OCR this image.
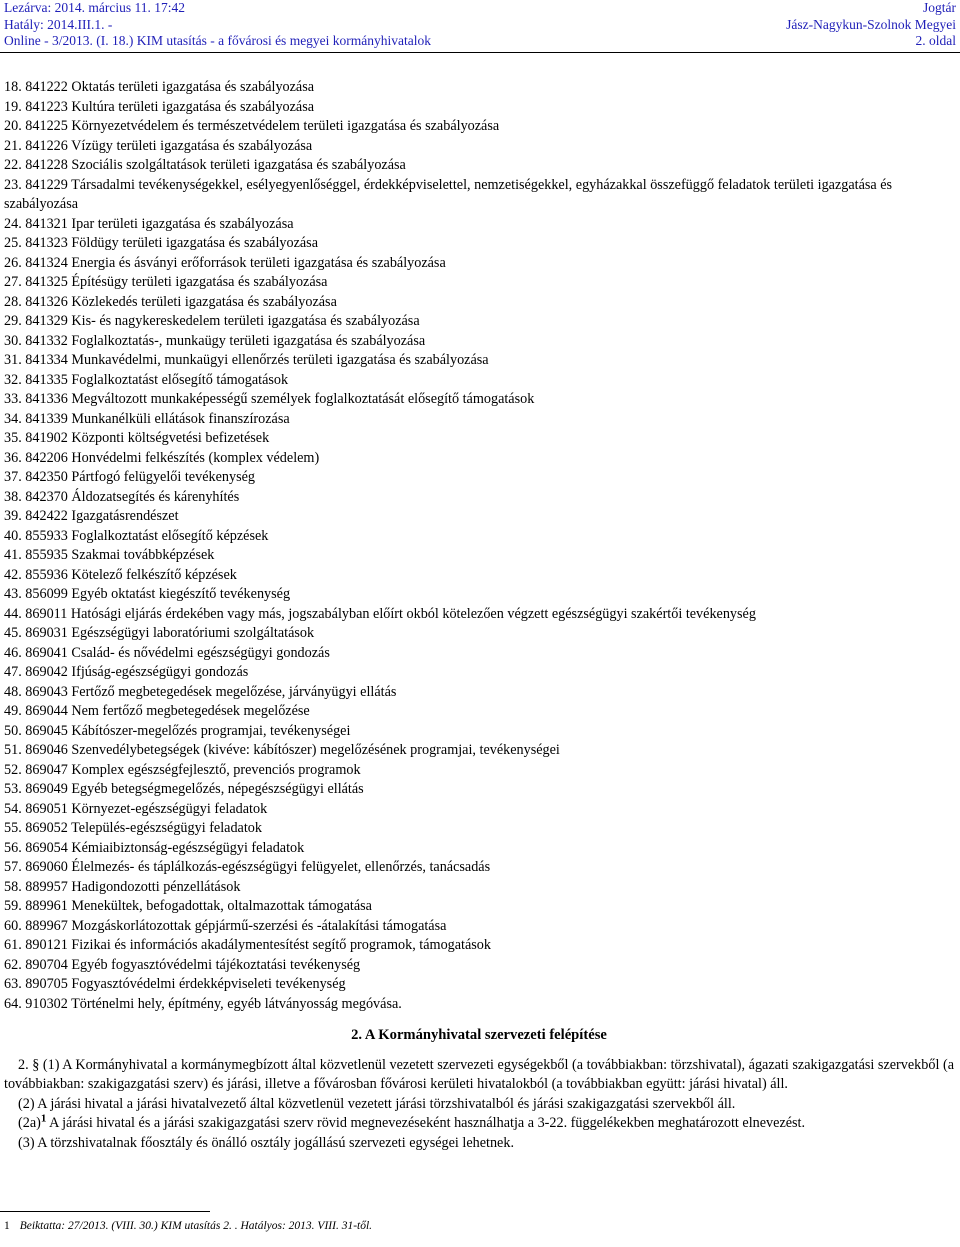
Lezárva: 2014. március 11. 17:42
Hatály: 2014.III.1. -
Online - 3/2013. (I. 18.) KIM utasítás - a fővárosi és megyei kormányhivatalok
Jogtár
Jász-Nagykun-Szolnok Megyei
2. oldal
18. 841222 Oktatás területi igazgatása és szabályozása
19. 841223 Kultúra területi igazgatása és szabályozása
20. 841225 Környezetvédelem és természetvédelem területi igazgatása és szabályozása
21. 841226 Vízügy területi igazgatása és szabályozása
22. 841228 Szociális szolgáltatások területi igazgatása és szabályozása
23. 841229 Társadalmi tevékenységekkel, esélyegyenlőséggel, érdekképviselettel, nemzetiségekkel, egyházakkal összefüggő feladatok területi igazgatása és szabályozása
24. 841321 Ipar területi igazgatása és szabályozása
25. 841323 Földügy területi igazgatása és szabályozása
26. 841324 Energia és ásványi erőforrások területi igazgatása és szabályozása
27. 841325 Építésügy területi igazgatása és szabályozása
28. 841326 Közlekedés területi igazgatása és szabályozása
29. 841329 Kis- és nagykereskedelem területi igazgatása és szabályozása
30. 841332 Foglalkoztatás-, munkaügy területi igazgatása és szabályozása
31. 841334 Munkavédelmi, munkaügyi ellenőrzés területi igazgatása és szabályozása
32. 841335 Foglalkoztatást elősegítő támogatások
33. 841336 Megváltozott munkaképességű személyek foglalkoztatását elősegítő támogatások
34. 841339 Munkanélküli ellátások finanszírozása
35. 841902 Központi költségvetési befizetések
36. 842206 Honvédelmi felkészítés (komplex védelem)
37. 842350 Pártfogó felügyelői tevékenység
38. 842370 Áldozatsegítés és kárenyhítés
39. 842422 Igazgatásrendészet
40. 855933 Foglalkoztatást elősegítő képzések
41. 855935 Szakmai továbbképzések
42. 855936 Kötelező felkészítő képzések
43. 856099 Egyéb oktatást kiegészítő tevékenység
44. 869011 Hatósági eljárás érdekében vagy más, jogszabályban előírt okból kötelezően végzett egészségügyi szakértői tevékenység
45. 869031 Egészségügyi laboratóriumi szolgáltatások
46. 869041 Család- és nővédelmi egészségügyi gondozás
47. 869042 Ifjúság-egészségügyi gondozás
48. 869043 Fertőző megbetegedések megelőzése, járványügyi ellátás
49. 869044 Nem fertőző megbetegedések megelőzése
50. 869045 Kábítószer-megelőzés programjai, tevékenységei
51. 869046 Szenvedélybetegségek (kivéve: kábítószer) megelőzésének programjai, tevékenységei
52. 869047 Komplex egészségfejlesztő, prevenciós programok
53. 869049 Egyéb betegségmegelőzés, népegészségügyi ellátás
54. 869051 Környezet-egészségügyi feladatok
55. 869052 Település-egészségügyi feladatok
56. 869054 Kémiaibiztonság-egészségügyi feladatok
57. 869060 Élelmezés- és táplálkozás-egészségügyi felügyelet, ellenőrzés, tanácsadás
58. 889957 Hadigondozotti pénzellátások
59. 889961 Menekültek, befogadottak, oltalmazottak támogatása
60. 889967 Mozgáskorlátozottak gépjármű-szerzési és -átalakítási támogatása
61. 890121 Fizikai és információs akadálymentesítést segítő programok, támogatások
62. 890704 Egyéb fogyasztóvédelmi tájékoztatási tevékenység
63. 890705 Fogyasztóvédelmi érdekképviseleti tevékenység
64. 910302 Történelmi hely, építmény, egyéb látványosság megóvása.
2. A Kormányhivatal szervezeti felépítése

2. § (1) A Kormányhivatal a kormánymegbízott által közvetlenül vezetett szervezeti egységekből (a továbbiakban: törzshivatal), ágazati szakigazgatási szervekből (a továbbiakban: szakigazgatási szerv) és járási, illetve a fővárosban fővárosi kerületi hivatalokból (a továbbiakban együtt: járási hivatal) áll.

(2) A járási hivatal a járási hivatalvezető által közvetlenül vezetett járási törzshivatalból és járási szakigazgatási szervekből áll.

$(2a)^1$ A járási hivatal és a járási szakigazgatási szerv rövid megnevezéseként használhatja a 3-22. függelékekben meghatározott elnevezést.

(3) A törzshivatalnak főosztály és önálló osztály jogállású szervezeti egységei lehetnek.

1 Beiktatta: 27/2013. (VIII. 30.) KIM utasítás 2. . Hatályos: 2013. VIII. 31-től.
